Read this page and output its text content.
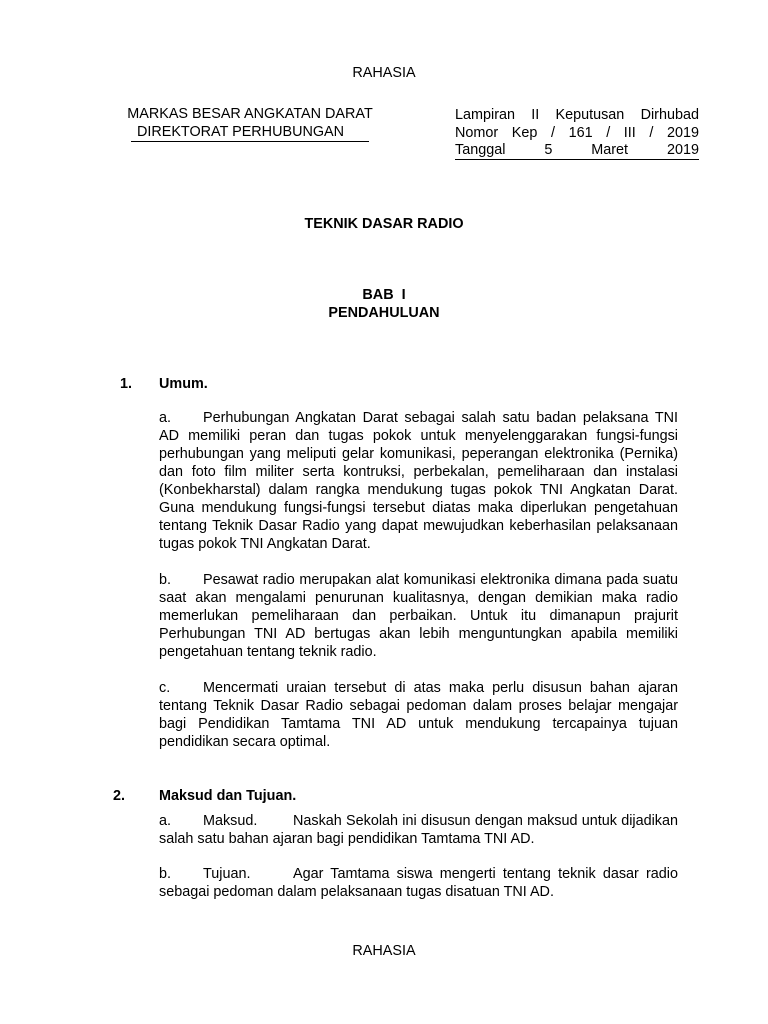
RAHASIA
MARKAS BESAR ANGKATAN DARAT
DIREKTORAT PERHUBUNGAN
Lampiran II Keputusan Dirhubad
Nomor Kep / 161 / III / 2019
Tanggal	5	Maret	2019
TEKNIK DASAR RADIO
BAB  I
PENDAHULUAN
1. Umum.
a. Perhubungan Angkatan Darat sebagai salah satu badan pelaksana TNI AD memiliki peran dan tugas pokok untuk menyelenggarakan fungsi-fungsi perhubungan yang meliputi gelar komunikasi, peperangan elektronika (Pernika) dan foto film militer serta kontruksi, perbekalan, pemeliharaan dan instalasi (Konbekharstal) dalam rangka mendukung tugas pokok TNI Angkatan Darat. Guna mendukung fungsi-fungsi tersebut diatas maka diperlukan pengetahuan tentang Teknik Dasar Radio yang dapat mewujudkan keberhasilan pelaksanaan tugas pokok TNI Angkatan Darat.
b. Pesawat radio merupakan alat komunikasi elektronika dimana pada suatu saat akan mengalami penurunan kualitasnya, dengan demikian maka radio memerlukan pemeliharaan dan perbaikan. Untuk itu dimanapun prajurit Perhubungan TNI AD bertugas akan lebih menguntungkan apabila memiliki pengetahuan tentang teknik radio.
c. Mencermati uraian tersebut di atas maka perlu disusun bahan ajaran tentang Teknik Dasar Radio sebagai pedoman dalam proses belajar mengajar bagi Pendidikan Tamtama TNI AD untuk mendukung tercapainya tujuan pendidikan secara optimal.
2. Maksud dan Tujuan.
a. Maksud. Naskah Sekolah ini disusun dengan maksud untuk dijadikan salah satu bahan ajaran bagi pendidikan Tamtama TNI AD.
b. Tujuan.	Agar Tamtama siswa mengerti tentang teknik dasar radio sebagai pedoman dalam pelaksanaan tugas disatuan TNI AD.
RAHASIA
